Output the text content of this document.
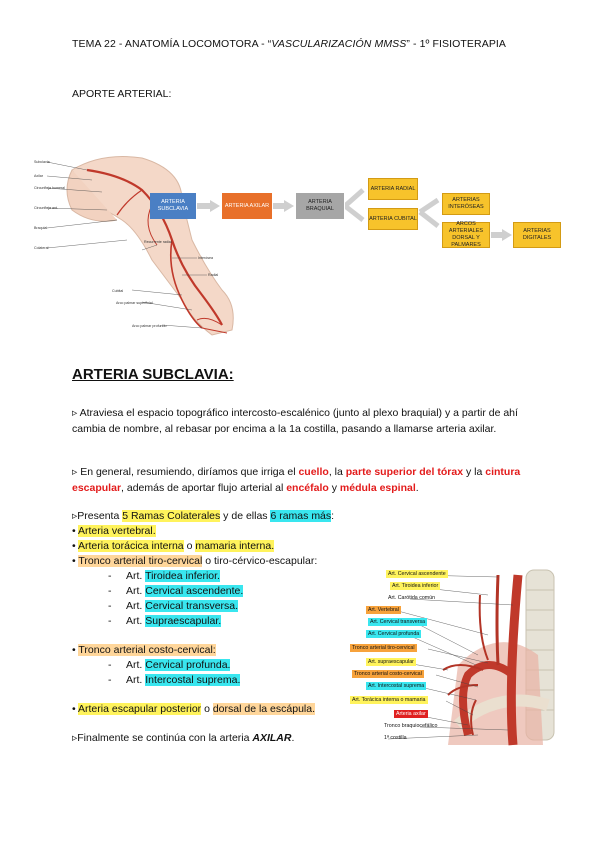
TEMA 22 - ANATOMÍA LOCOMOTORA - “VASCULARIZACIÓN MMSS” - 1º FISIOTERAPIA
APORTE ARTERIAL:
Subclavia
Axilar
Circunfleja humeral
Circunfleja ant.
Braquial
Colateral
Recurrente radial
Interósea
Radial
Cubital
Arco palmar superficial
Arco palmar profundo
ARTERIA SUBCLAVIA
ARTERIA AXILAR
ARTERIA BRAQUIAL
ARTERIA RADIAL
ARTERIA CUBITAL
ARTERIAS INTERÓSEAS
ARCOS ARTERIALES DORSAL Y PALMARES
ARTERIAS DIGITALES
ARTERIA SUBCLAVIA:
▹ Atraviesa el espacio topográfico intercosto-escalénico (junto al plexo braquial) y a partir de ahí cambia de nombre, al rebasar por encima a la 1a costilla, pasando a llamarse arteria axilar.
▹ En general, resumiendo, diríamos que irriga el cuello, la parte superior del tórax y la cintura escapular, además de aportar flujo arterial al encéfalo y médula espinal.
▹Presenta 5 Ramas Colaterales y de ellas 6 ramas más:
• Arteria vertebral.
• Arteria torácica interna o mamaria interna.
• Tronco arterial tiro-cervical o tiro-cérvico-escapular:
- Art. Tiroidea inferior.
- Art. Cervical ascendente.
- Art. Cervical transversa.
- Art. Supraescapular.
• Tronco arterial costo-cervical:
- Art. Cervical profunda.
- Art. Intercostal suprema.
• Arteria escapular posterior o dorsal de la escápula.
▹Finalmente se continúa con la arteria AXILAR.
Art. Cervical ascendente
Art. Tiroidea inferior
Art. Carótida común
Art. Vertebral
Art. Cervical transversa
Art. Cervical profunda
Tronco arterial tiro-cervical
Art. supraescapular
Tronco arterial costo-cervical
Art. Intercostal suprema
Art. Torácica interna o mamaria
Arteria axilar
Tronco braquiocefálico
1ª costilla
